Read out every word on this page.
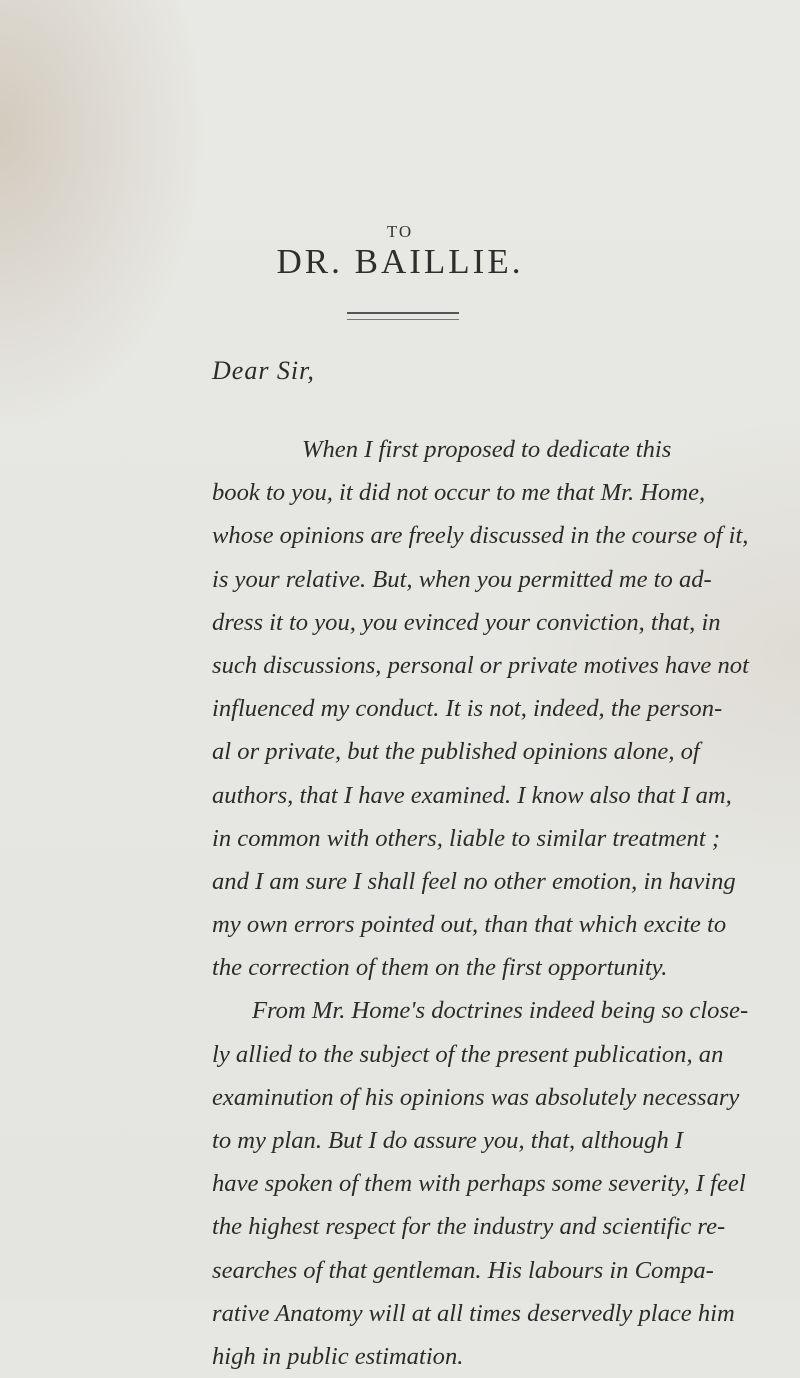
TO
DR. BAILLIE.
Dear Sir,
When I first proposed to dedicate this
book to you, it did not occur to me that Mr. Home,
whose opinions are freely discussed in the course of it,
is your relative. But, when you permitted me to ad-
dress it to you, you evinced your conviction, that, in
such discussions, personal or private motives have not
influenced my conduct. It is not, indeed, the person-
al or private, but the published opinions alone, of
authors, that I have examined. I know also that I am,
in common with others, liable to similar treatment ;
and I am sure I shall feel no other emotion, in having
my own errors pointed out, than that which excite to
the correction of them on the first opportunity.
From Mr. Home's doctrines indeed being so close-
ly allied to the subject of the present publication, an
examinution of his opinions was absolutely necessary
to my plan. But I do assure you, that, although I
have spoken of them with perhaps some severity, I feel
the highest respect for the industry and scientific re-
searches of that gentleman. His labours in Compa-
rative Anatomy will at all times deservedly place him
high in public estimation.
